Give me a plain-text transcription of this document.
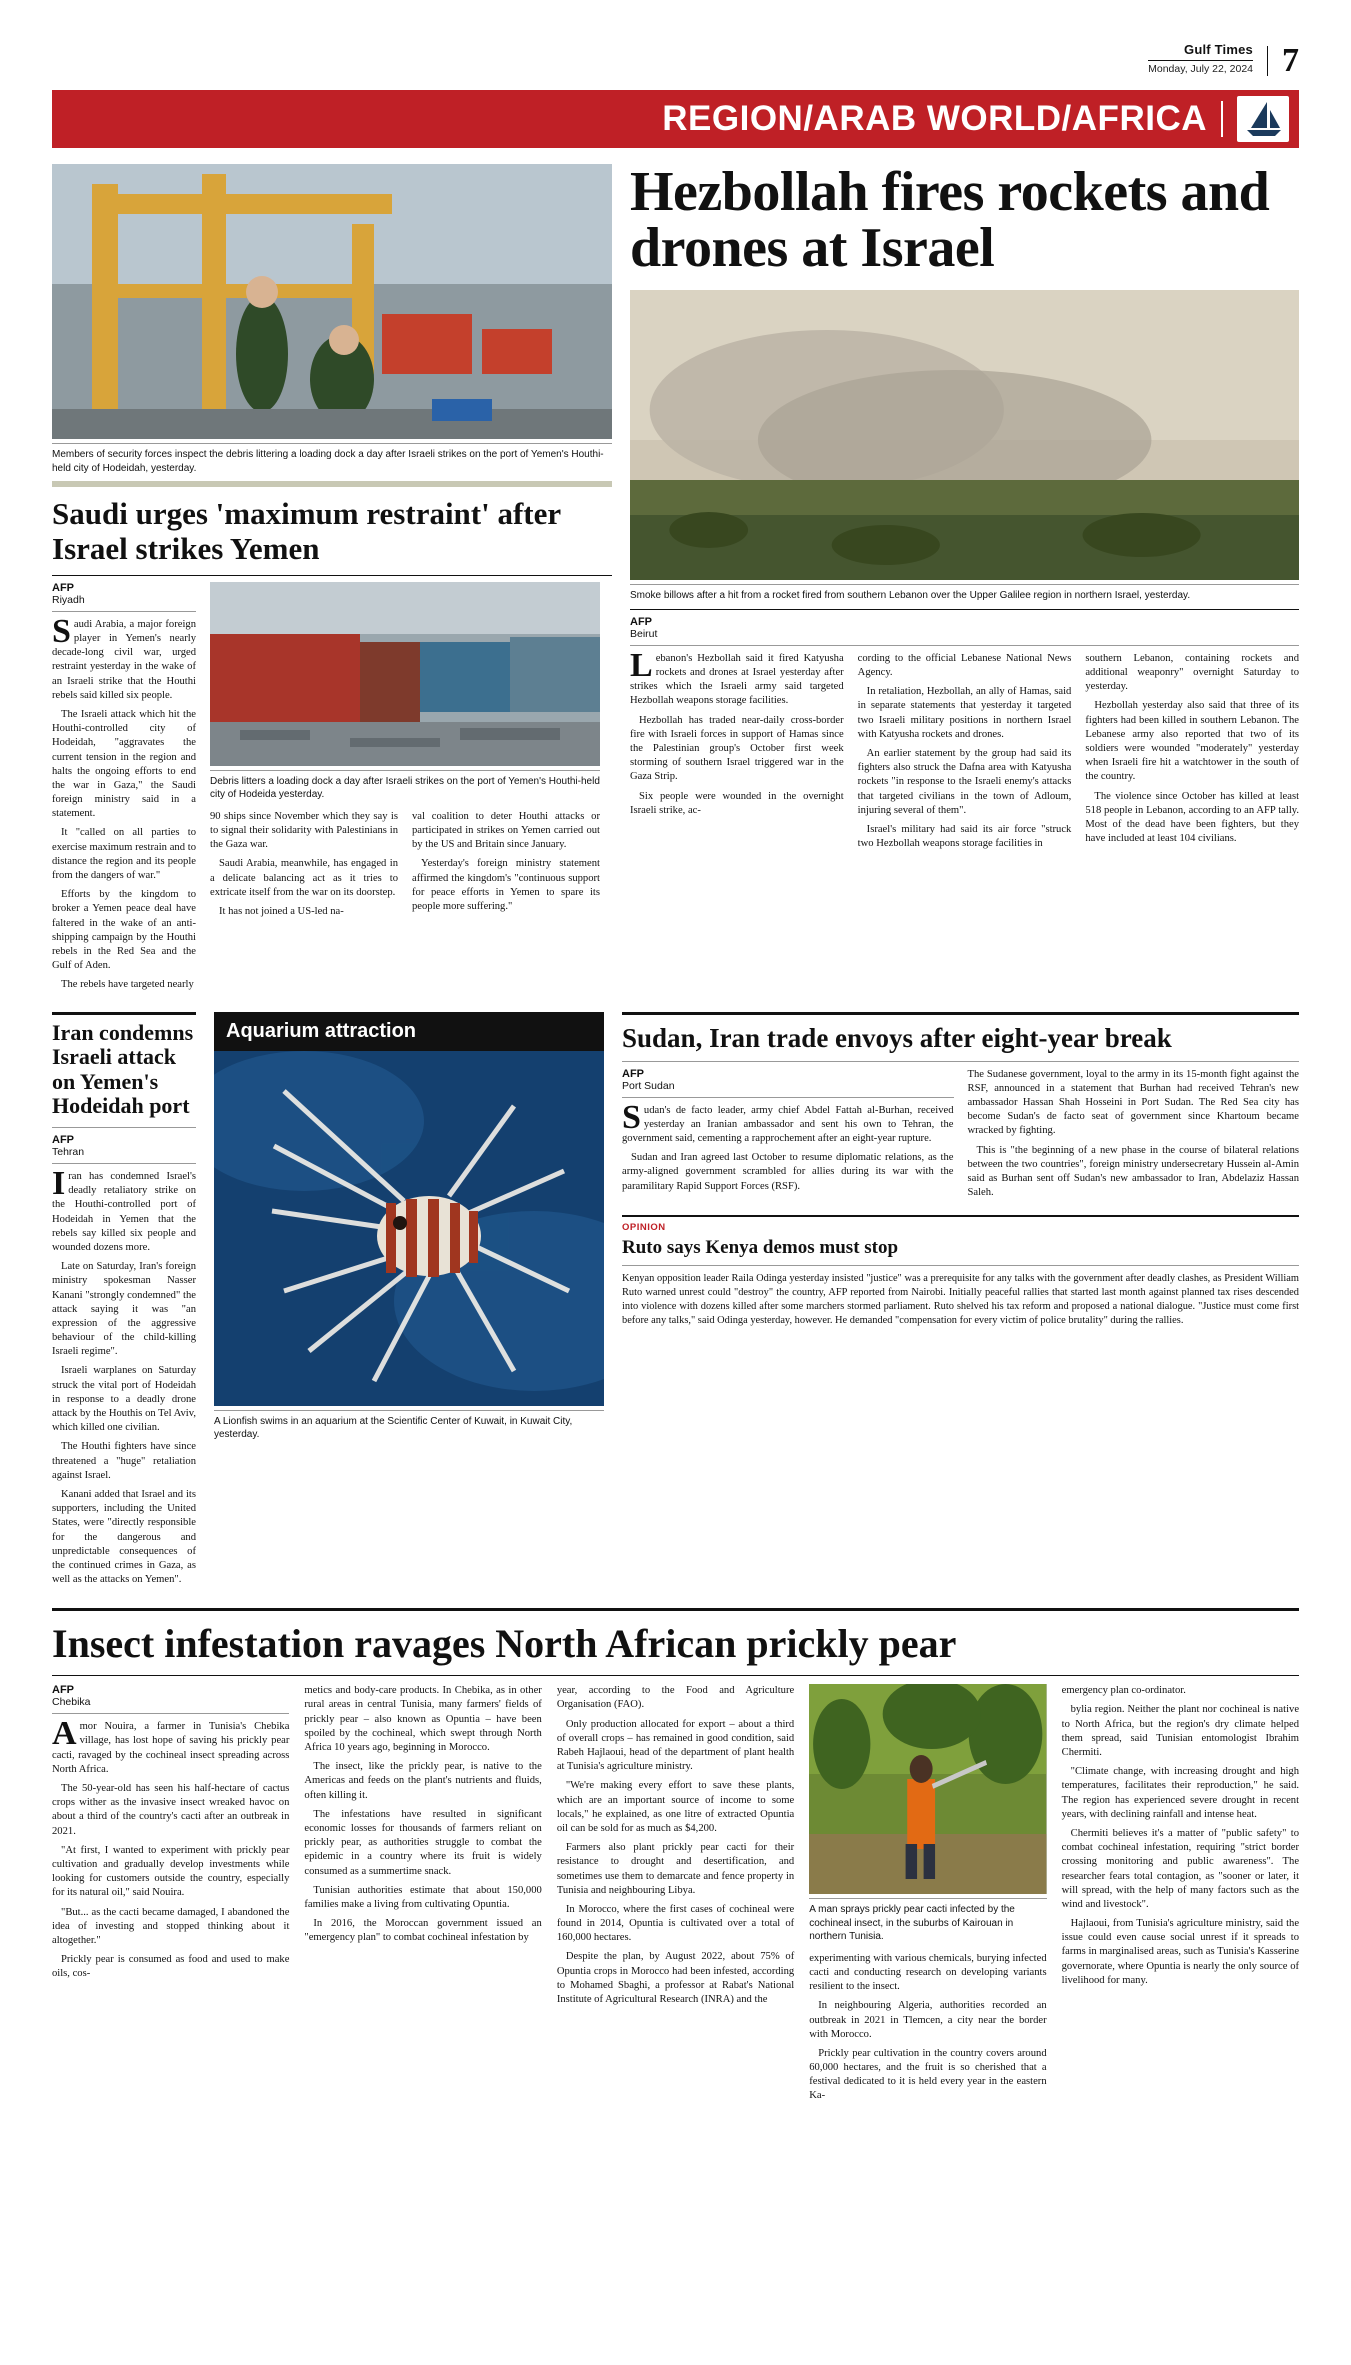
Gulf Times
Monday, July 22, 2024 7
REGION/ARAB WORLD/AFRICA
Members of security forces inspect the debris littering a loading dock a day after Israeli strikes on the port of Yemen's Houthi-held city of Hodeidah, yesterday.
Saudi urges 'maximum restraint' after Israel strikes Yemen
AFP
Riyadh

Saudi Arabia, a major foreign player in Yemen's nearly decade-long civil war, urged restraint yesterday in the wake of an Israeli strike that the Houthi rebels said killed six people.

The Israeli attack which hit the Houthi-controlled city of Hodeidah, "aggravates the current tension in the region and halts the ongoing efforts to end the war in Gaza," the Saudi foreign ministry said in a statement.

It "called on all parties to exercise maximum restrain and to distance the region and its people from the dangers of war."

Efforts by the kingdom to broker a Yemen peace deal have faltered in the wake of an anti-shipping campaign by the Houthi rebels in the Red Sea and the Gulf of Aden.

The rebels have targeted nearly

Debris litters a loading dock a day after Israeli strikes on the port of Yemen's Houthi-held city of Hodeida yesterday.

90 ships since November which they say is to signal their solidarity with Palestinians in the Gaza war.

Saudi Arabia, meanwhile, has engaged in a delicate balancing act as it tries to extricate itself from the war on its doorstep.

It has not joined a US-led na-

val coalition to deter Houthi attacks or participated in strikes on Yemen carried out by the US and Britain since January.

Yesterday's foreign ministry statement affirmed the kingdom's "continuous support for peace efforts in Yemen to spare its people more suffering."

Hezbollah fires rockets and drones at Israel
Smoke billows after a hit from a rocket fired from southern Lebanon over the Upper Galilee region in northern Israel, yesterday.
AFP
Beirut

Lebanon's Hezbollah said it fired Katyusha rockets and drones at Israel yesterday after strikes which the Israeli army said targeted Hezbollah weapons storage facilities.

Hezbollah has traded near-daily cross-border fire with Israeli forces in support of Hamas since the Palestinian group's October first week storming of southern Israel triggered war in the Gaza Strip.

Six people were wounded in the overnight Israeli strike, ac-

cording to the official Lebanese National News Agency.

In retaliation, Hezbollah, an ally of Hamas, said in separate statements that yesterday it targeted two Israeli military positions in northern Israel with Katyusha rockets and drones.

An earlier statement by the group had said its fighters also struck the Dafna area with Katyusha rockets "in response to the Israeli enemy's attacks that targeted civilians in the town of Adloum, injuring several of them".

Israel's military had said its air force "struck two Hezbollah weapons storage facilities in

southern Lebanon, containing rockets and additional weaponry" overnight Saturday to yesterday.

Hezbollah yesterday also said that three of its fighters had been killed in southern Lebanon. The Lebanese army also reported that two of its soldiers were wounded "moderately" yesterday when Israeli fire hit a watchtower in the south of the country.

The violence since October has killed at least 518 people in Lebanon, according to an AFP tally. Most of the dead have been fighters, but they have included at least 104 civilians.

Iran condemns Israeli attack on Yemen's Hodeidah port
AFP
Tehran

Iran has condemned Israel's deadly retaliatory strike on the Houthi-controlled port of Hodeidah in Yemen that the rebels say killed six people and wounded dozens more.

Late on Saturday, Iran's foreign ministry spokesman Nasser Kanani "strongly condemned" the attack saying it was "an expression of the aggressive behaviour of the child-killing Israeli regime".

Israeli warplanes on Saturday struck the vital port of Hodeidah in response to a deadly drone attack by the Houthis on Tel Aviv, which killed one civilian.

The Houthi fighters have since threatened a "huge" retaliation against Israel.

Kanani added that Israel and its supporters, including the United States, were "directly responsible for the dangerous and unpredictable consequences of the continued crimes in Gaza, as well as the attacks on Yemen".

Aquarium attraction
A Lionfish swims in an aquarium at the Scientific Center of Kuwait, in Kuwait City, yesterday.
Sudan, Iran trade envoys after eight-year break
AFP
Port Sudan

Sudan's de facto leader, army chief Abdel Fattah al-Burhan, received yesterday an Iranian ambassador and sent his own to Tehran, the government said, cementing a rapprochement after an eight-year rupture.

Sudan and Iran agreed last October to resume diplomatic relations, as the army-aligned government scrambled for allies during its war with the paramilitary Rapid Support Forces (RSF).

The Sudanese government, loyal to the army in its 15-month fight against the RSF, announced in a statement that Burhan had received Tehran's new ambassador Hassan Shah Hosseini in Port Sudan. The Red Sea city has become Sudan's de facto seat of government since Khartoum became wracked by fighting.

This is "the beginning of a new phase in the course of bilateral relations between the two countries", foreign ministry undersecretary Hussein al-Amin said as Burhan sent off Sudan's new ambassador to Iran, Abdelaziz Hassan Saleh.

OPINION
Ruto says Kenya demos must stop

Kenyan opposition leader Raila Odinga yesterday insisted "justice" was a prerequisite for any talks with the government after deadly clashes, as President William Ruto warned unrest could "destroy" the country, AFP reported from Nairobi. Initially peaceful rallies that started last month against planned tax rises descended into violence with dozens killed after some marchers stormed parliament. Ruto shelved his tax reform and proposed a national dialogue. "Justice must come first before any talks," said Odinga yesterday, however. He demanded "compensation for every victim of police brutality" during the rallies.

Insect infestation ravages North African prickly pear
AFP
Chebika

Amor Nouira, a farmer in Tunisia's Chebika village, has lost hope of saving his prickly pear cacti, ravaged by the cochineal insect spreading across North Africa.

The 50-year-old has seen his half-hectare of cactus crops wither as the invasive insect wreaked havoc on about a third of the country's cacti after an outbreak in 2021.

"At first, I wanted to experiment with prickly pear cultivation and gradually develop investments while looking for customers outside the country, especially for its natural oil," said Nouira.

"But... as the cacti became damaged, I abandoned the idea of investing and stopped thinking about it altogether."

Prickly pear is consumed as food and used to make oils, cos-

metics and body-care products. In Chebika, as in other rural areas in central Tunisia, many farmers' fields of prickly pear – also known as Opuntia – have been spoiled by the cochineal, which swept through North Africa 10 years ago, beginning in Morocco.

The insect, like the prickly pear, is native to the Americas and feeds on the plant's nutrients and fluids, often killing it.

The infestations have resulted in significant economic losses for thousands of farmers reliant on prickly pear, as authorities struggle to combat the epidemic in a country where its fruit is widely consumed as a summertime snack.

Tunisian authorities estimate that about 150,000 families make a living from cultivating Opuntia.

In 2016, the Moroccan government issued an "emergency plan" to combat cochineal infestation by

year, according to the Food and Agriculture Organisation (FAO).

Only production allocated for export – about a third of overall crops – has remained in good condition, said Rabeh Hajlaoui, head of the department of plant health at Tunisia's agriculture ministry.

"We're making every effort to save these plants, which are an important source of income to some locals," he explained, as one litre of extracted Opuntia oil can be sold for as much as $4,200.

Farmers also plant prickly pear cacti for their resistance to drought and desertification, and sometimes use them to demarcate and fence property in Tunisia and neighbouring Libya.

In Morocco, where the first cases of cochineal were found in 2014, Opuntia is cultivated over a total of 160,000 hectares.

Despite the plan, by August 2022, about 75% of Opuntia crops in Morocco had been infested, according to Mohamed Sbaghi, a professor at Rabat's National Institute of Agricultural Research (INRA) and the

A man sprays prickly pear cacti infected by the cochineal insect, in the suburbs of Kairouan in northern Tunisia.

experimenting with various chemicals, burying infected cacti and conducting research on developing variants resilient to the insect.

In neighbouring Algeria, authorities recorded an outbreak in 2021 in Tlemcen, a city near the border with Morocco.

Prickly pear cultivation in the country covers around 60,000 hectares, and the fruit is so cherished that a festival dedicated to it is held every year in the eastern Ka-

emergency plan co-ordinator.

bylia region. Neither the plant nor cochineal is native to North Africa, but the region's dry climate helped them spread, said Tunisian entomologist Ibrahim Chermiti.

"Climate change, with increasing drought and high temperatures, facilitates their reproduction," he said. The region has experienced severe drought in recent years, with declining rainfall and intense heat.

Chermiti believes it's a matter of "public safety" to combat cochineal infestation, requiring "strict border crossing monitoring and public awareness". The researcher fears total contagion, as "sooner or later, it will spread, with the help of many factors such as the wind and livestock".

Hajlaoui, from Tunisia's agriculture ministry, said the issue could even cause social unrest if it spreads to farms in marginalised areas, such as Tunisia's Kasserine governorate, where Opuntia is nearly the only source of livelihood for many.
